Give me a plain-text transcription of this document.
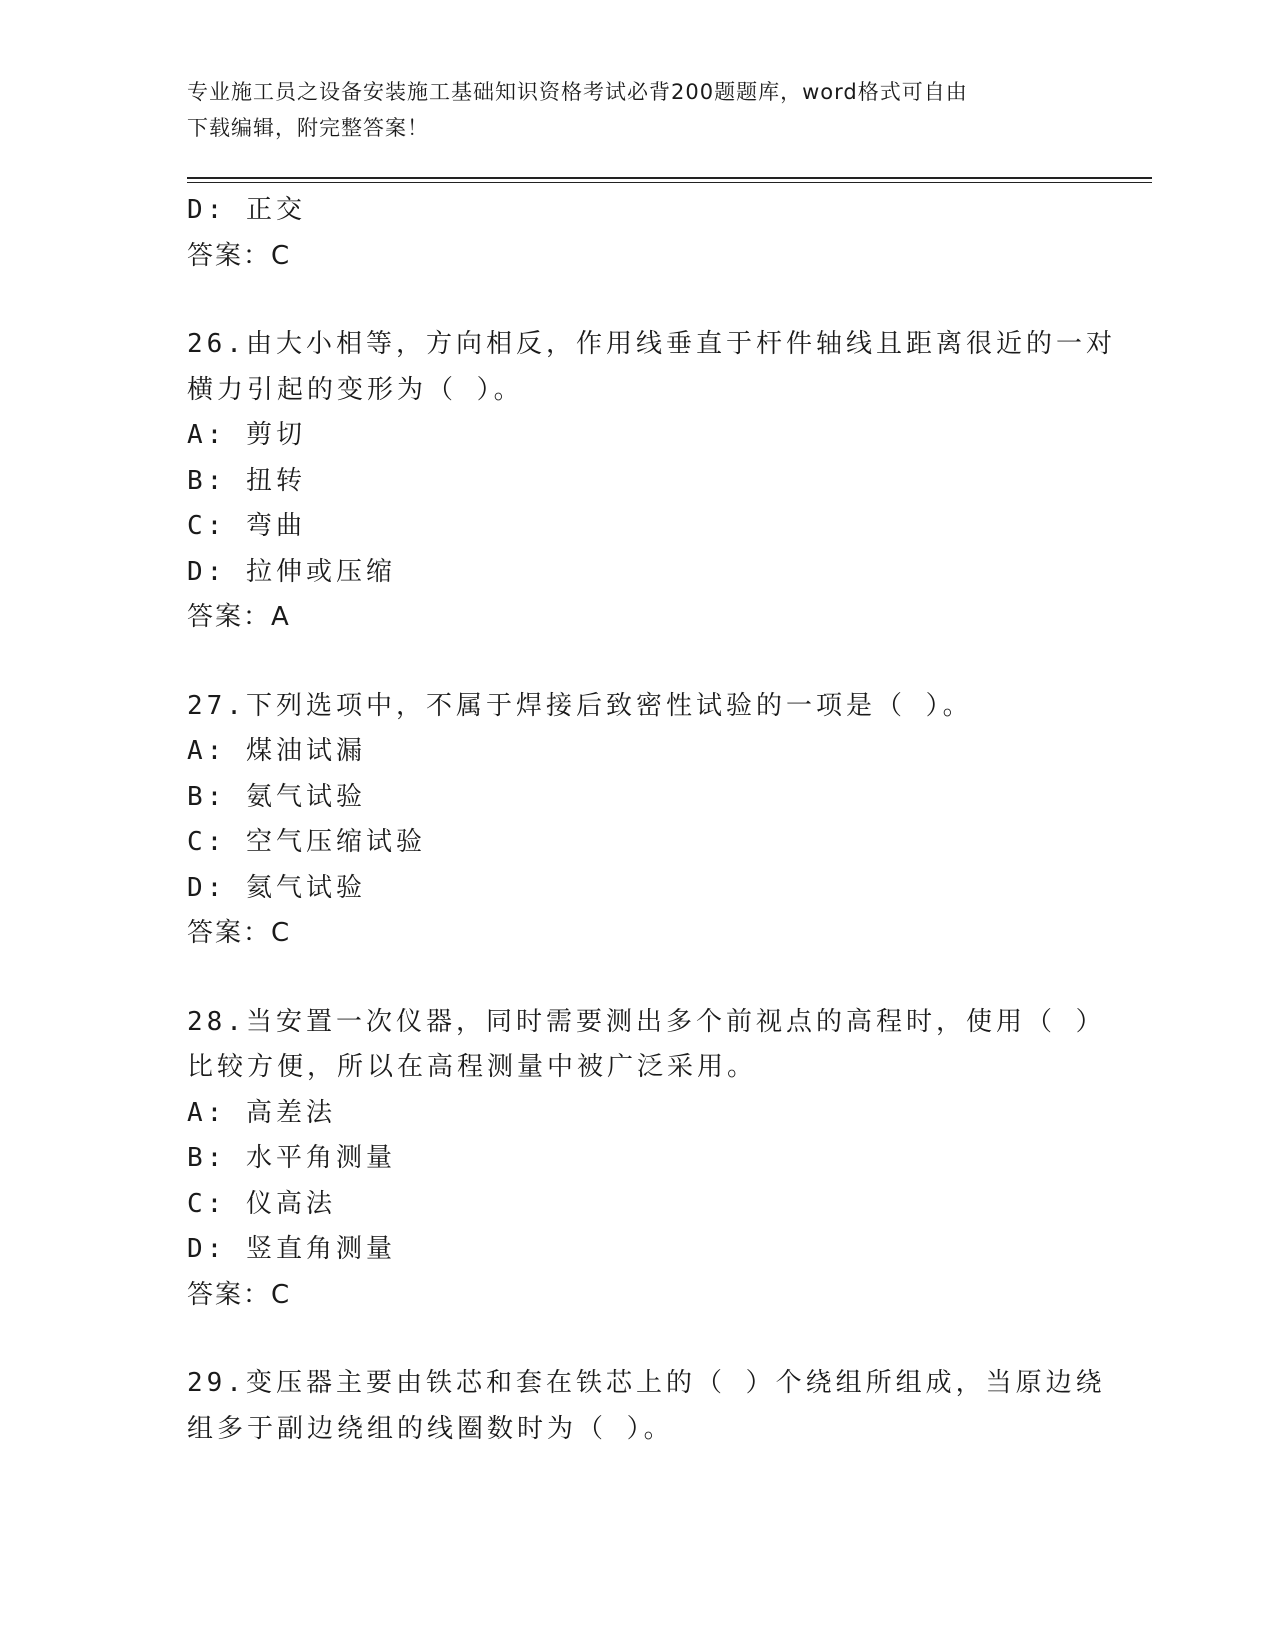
专业施工员之设备安装施工基础知识资格考试必背200题题库，word格式可自由
下载编辑，附完整答案！
D: 正交
答案：C
26.由大小相等，方向相反，作用线垂直于杆件轴线且距离很近的一对
横力引起的变形为（ ）。
A: 剪切
B: 扭转
C: 弯曲
D: 拉伸或压缩
答案：A
27.下列选项中，不属于焊接后致密性试验的一项是（ ）。
A: 煤油试漏
B: 氨气试验
C: 空气压缩试验
D: 氦气试验
答案：C
28.当安置一次仪器，同时需要测出多个前视点的高程时，使用（ ）
比较方便，所以在高程测量中被广泛采用。
A: 高差法
B: 水平角测量
C: 仪高法
D: 竖直角测量
答案：C
29.变压器主要由铁芯和套在铁芯上的（ ）个绕组所组成，当原边绕
组多于副边绕组的线圈数时为（ ）。
